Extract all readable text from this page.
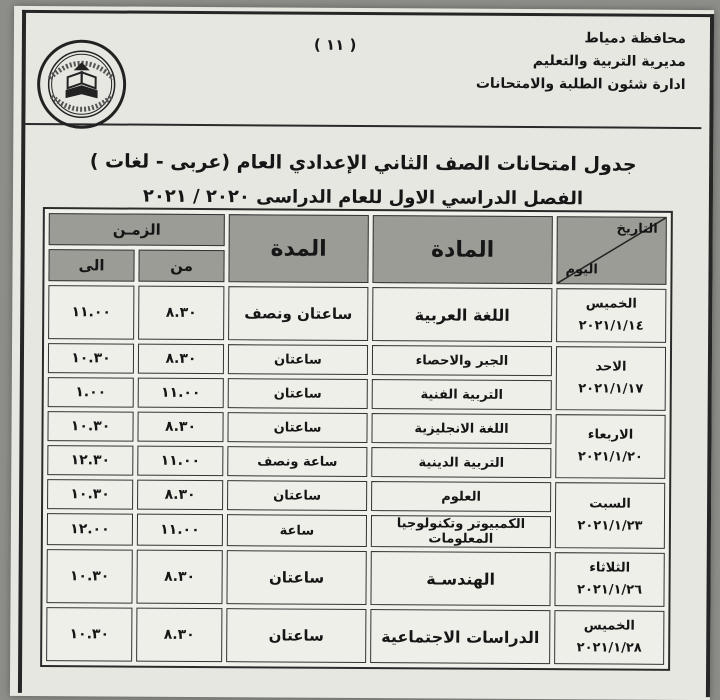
محافظة دمياط
مديرية التربية والتعليم
ادارة شئون الطلبة والامتحانات
( ١١ )
جدول امتحانات الصف الثاني الإعدادي العام (عربى - لغات )
الفصل الدراسي الاول للعام الدراسى ٢٠٢٠ / ٢٠٢١
التاريخ
اليوم	المادة	المدة	الزمـن	
			من	الى

الخميس
٢٠٢١/١/١٤	اللغة العربية	ساعتان ونصف	٨.٣٠	١١.٠٠

الاحد
٢٠٢١/١/١٧	الجبر والاحصاء	ساعتان	٨.٣٠	١٠.٣٠
	التربية الفنية	ساعتان	١١.٠٠	١.٠٠

الاربعاء
٢٠٢١/١/٢٠	اللغة الانجليزية	ساعتان	٨.٣٠	١٠.٣٠
	التربية الدينية	ساعة ونصف	١١.٠٠	١٢.٣٠

السبت
٢٠٢١/١/٢٣	العلوم	ساعتان	٨.٣٠	١٠.٣٠
	الكمبيوتر وتكنولوجيا المعلومات	ساعة	١١.٠٠	١٢.٠٠

الثلاثاء
٢٠٢١/١/٢٦	الهندسـة	ساعتان	٨.٣٠	١٠.٣٠

الخميس
٢٠٢١/١/٢٨	الدراسات الاجتماعية	ساعتان	٨.٣٠	١٠.٣٠
